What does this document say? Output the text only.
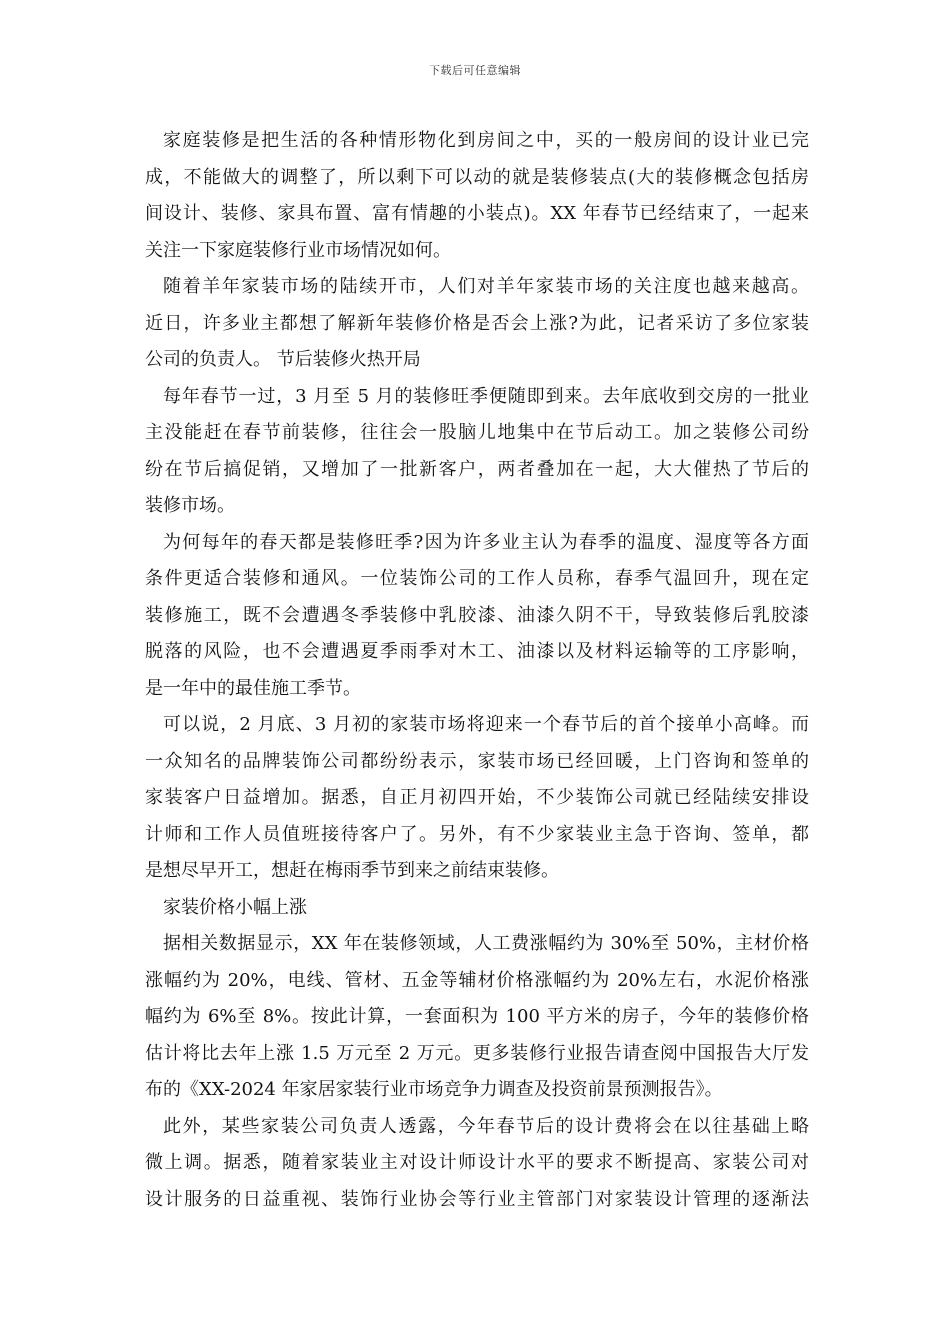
下载后可任意编辑
家庭装修是把生活的各种情形物化到房间之中，买的一般房间的设计业已完
成，不能做大的调整了，所以剩下可以动的就是装修装点(大的装修概念包括房
间设计、装修、家具布置、富有情趣的小装点)。XX 年春节已经结束了，一起来
关注一下家庭装修行业市场情况如何。
随着羊年家装市场的陆续开市，人们对羊年家装市场的关注度也越来越高。
近日，许多业主都想了解新年装修价格是否会上涨?为此，记者采访了多位家装
公司的负责人。 节后装修火热开局
每年春节一过，3 月至 5 月的装修旺季便随即到来。去年底收到交房的一批业
主没能赶在春节前装修，往往会一股脑儿地集中在节后动工。加之装修公司纷
纷在节后搞促销，又增加了一批新客户，两者叠加在一起，大大催热了节后的
装修市场。
为何每年的春天都是装修旺季?因为许多业主认为春季的温度、湿度等各方面
条件更适合装修和通风。一位装饰公司的工作人员称，春季气温回升，现在定
装修施工，既不会遭遇冬季装修中乳胶漆、油漆久阴不干，导致装修后乳胶漆
脱落的风险，也不会遭遇夏季雨季对木工、油漆以及材料运输等的工序影响，
是一年中的最佳施工季节。
可以说，2 月底、3 月初的家装市场将迎来一个春节后的首个接单小高峰。而
一众知名的品牌装饰公司都纷纷表示，家装市场已经回暖，上门咨询和签单的
家装客户日益增加。据悉，自正月初四开始，不少装饰公司就已经陆续安排设
计师和工作人员值班接待客户了。另外，有不少家装业主急于咨询、签单，都
是想尽早开工，想赶在梅雨季节到来之前结束装修。
家装价格小幅上涨
据相关数据显示，XX 年在装修领域，人工费涨幅约为 30%至 50%，主材价格
涨幅约为 20%，电线、管材、五金等辅材价格涨幅约为 20%左右，水泥价格涨
幅约为 6%至 8%。按此计算，一套面积为 100 平方米的房子，今年的装修价格
估计将比去年上涨 1.5 万元至 2 万元。更多装修行业报告请查阅中国报告大厅发
布的《XX-2024 年家居家装行业市场竞争力调查及投资前景预测报告》。
此外，某些家装公司负责人透露，今年春节后的设计费将会在以往基础上略
微上调。据悉，随着家装业主对设计师设计水平的要求不断提高、家装公司对
设计服务的日益重视、装饰行业协会等行业主管部门对家装设计管理的逐渐法
